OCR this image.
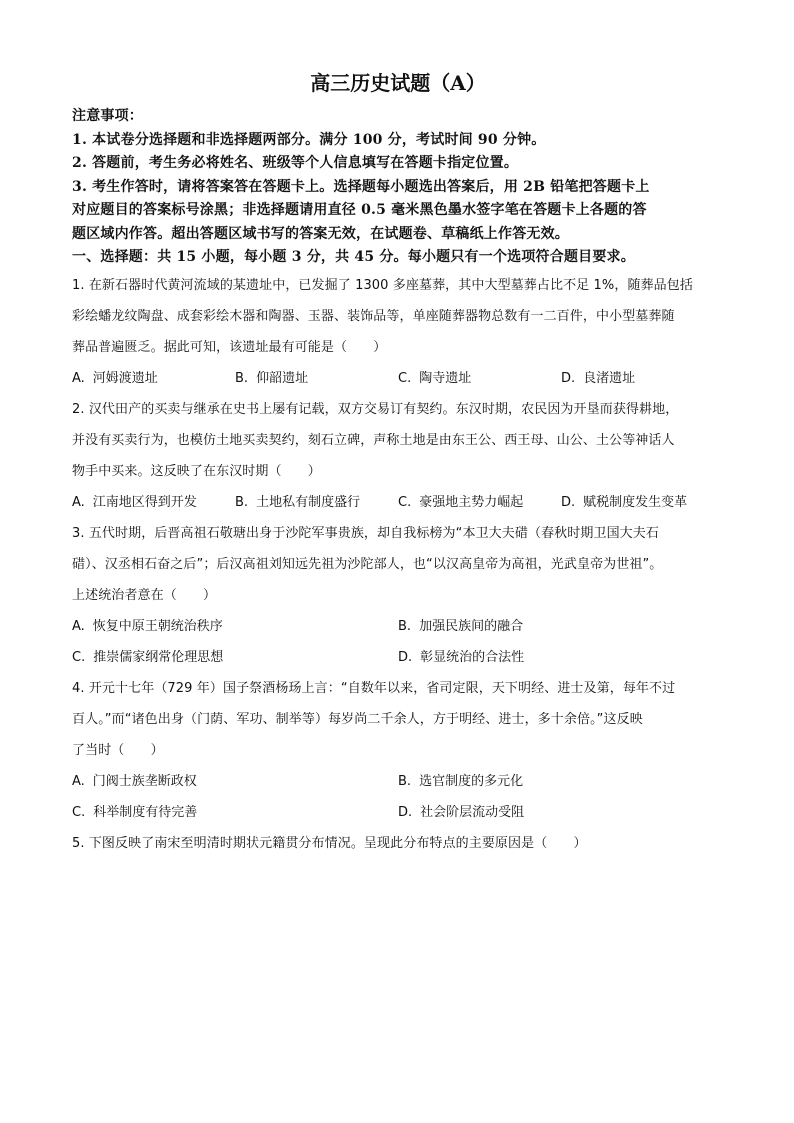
高三历史试题（A）
注意事项：
1. 本试卷分选择题和非选择题两部分。满分 100 分，考试时间 90 分钟。
2. 答题前，考生务必将姓名、班级等个人信息填写在答题卡指定位置。
3. 考生作答时，请将答案答在答题卡上。选择题每小题选出答案后，用 2B 铅笔把答题卡上
对应题目的答案标号涂黑；非选择题请用直径 0.5 毫米黑色墨水签字笔在答题卡上各题的答
题区域内作答。超出答题区域书写的答案无效，在试题卷、草稿纸上作答无效。
一、选择题：共 15 小题，每小题 3 分，共 45 分。每小题只有一个选项符合题目要求。
1. 在新石器时代黄河流域的某遗址中，已发掘了 1300 多座墓葬，其中大型墓葬占比不足 1%，随葬品包括
彩绘蟠龙纹陶盘、成套彩绘木器和陶器、玉器、装饰品等，单座随葬器物总数有一二百件，中小型墓葬随
葬品普遍匮乏。据此可知，该遗址最有可能是（　　）
A. 河姆渡遗址	B. 仰韶遗址	C. 陶寺遗址	D. 良渚遗址
2. 汉代田产的买卖与继承在史书上屡有记载，双方交易订有契约。东汉时期，农民因为开垦而获得耕地，
并没有买卖行为，也模仿土地买卖契约，刻石立碑，声称土地是由东王公、西王母、山公、土公等神话人
物手中买来。这反映了在东汉时期（　　）
A. 江南地区得到开发	B. 土地私有制度盛行	C. 豪强地主势力崛起	D. 赋税制度发生变革
3. 五代时期，后晋高祖石敬瑭出身于沙陀军事贵族，却自我标榜为“本卫大夫碏（春秋时期卫国大夫石
碏）、汉丞相石奋之后”；后汉高祖刘知远先祖为沙陀部人，也“以汉高皇帝为高祖，光武皇帝为世祖”。
上述统治者意在（　　）
A. 恢复中原王朝统治秩序	B. 加强民族间的融合
C. 推崇儒家纲常伦理思想	D. 彰显统治的合法性
4. 开元十七年（729 年）国子祭酒杨玚上言：“自数年以来，省司定限，天下明经、进士及第，每年不过
百人。”而“诸色出身（门荫、军功、制举等）每岁尚二千余人，方于明经、进士，多十余倍。”这反映
了当时（　　）
A. 门阀士族垄断政权	B. 选官制度的多元化
C. 科举制度有待完善	D. 社会阶层流动受阻
5. 下图反映了南宋至明清时期状元籍贯分布情况。呈现此分布特点的主要原因是（　　）
